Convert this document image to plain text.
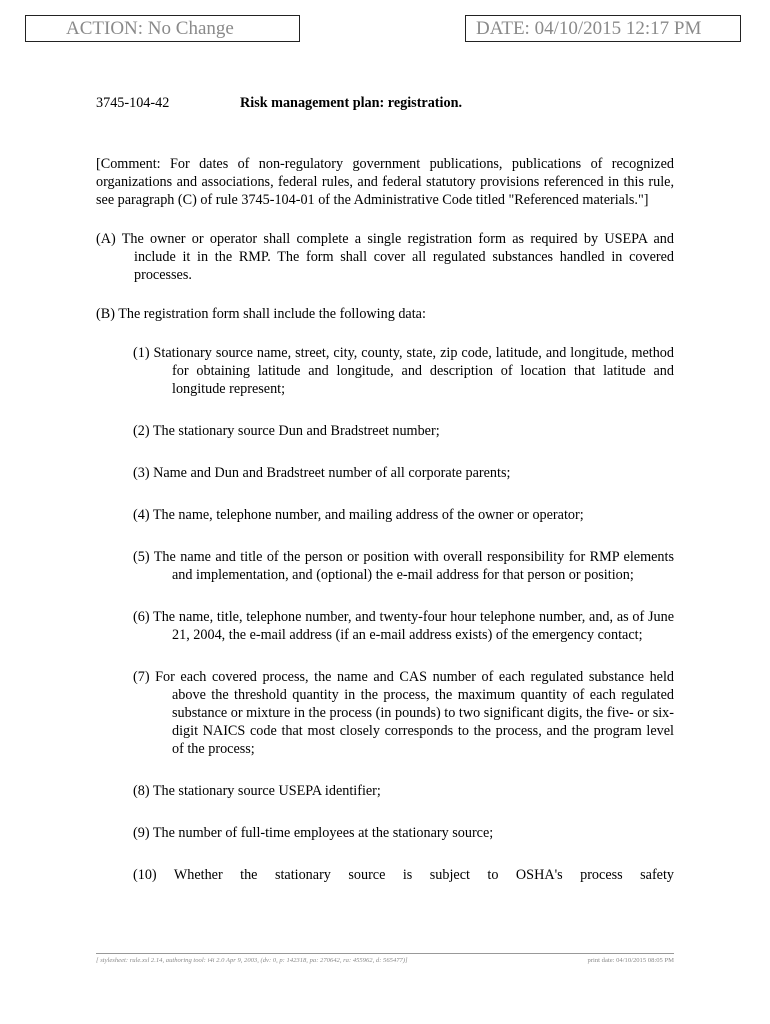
ACTION: No Change	DATE: 04/10/2015 12:17 PM
3745-104-42	Risk management plan: registration.

[Comment: For dates of non-regulatory government publications, publications of recognized organizations and associations, federal rules, and federal statutory provisions referenced in this rule, see paragraph (C) of rule 3745-104-01 of the Administrative Code titled "Referenced materials."]

(A) The owner or operator shall complete a single registration form as required by USEPA and include it in the RMP. The form shall cover all regulated substances handled in covered processes.

(B) The registration form shall include the following data:

(1) Stationary source name, street, city, county, state, zip code, latitude, and longitude, method for obtaining latitude and longitude, and description of location that latitude and longitude represent;
(2) The stationary source Dun and Bradstreet number;
(3) Name and Dun and Bradstreet number of all corporate parents;
(4) The name, telephone number, and mailing address of the owner or operator;
(5) The name and title of the person or position with overall responsibility for RMP elements and implementation, and (optional) the e-mail address for that person or position;
(6) The name, title, telephone number, and twenty-four hour telephone number, and, as of June 21, 2004, the e-mail address (if an e-mail address exists) of the emergency contact;
(7) For each covered process, the name and CAS number of each regulated substance held above the threshold quantity in the process, the maximum quantity of each regulated substance or mixture in the process (in pounds) to two significant digits, the five- or six-digit NAICS code that most closely corresponds to the process, and the program level of the process;
(8) The stationary source USEPA identifier;
(9) The number of full-time employees at the stationary source;
(10) Whether the stationary source is subject to OSHA's process safety
[ stylesheet: rule.xsl 2.14, authoring tool: i4i 2.0 Apr 9, 2003, (dv: 0, p: 142318, pa: 270642, ra: 455962, d: 565477)]	print date: 04/10/2015 08:05 PM
